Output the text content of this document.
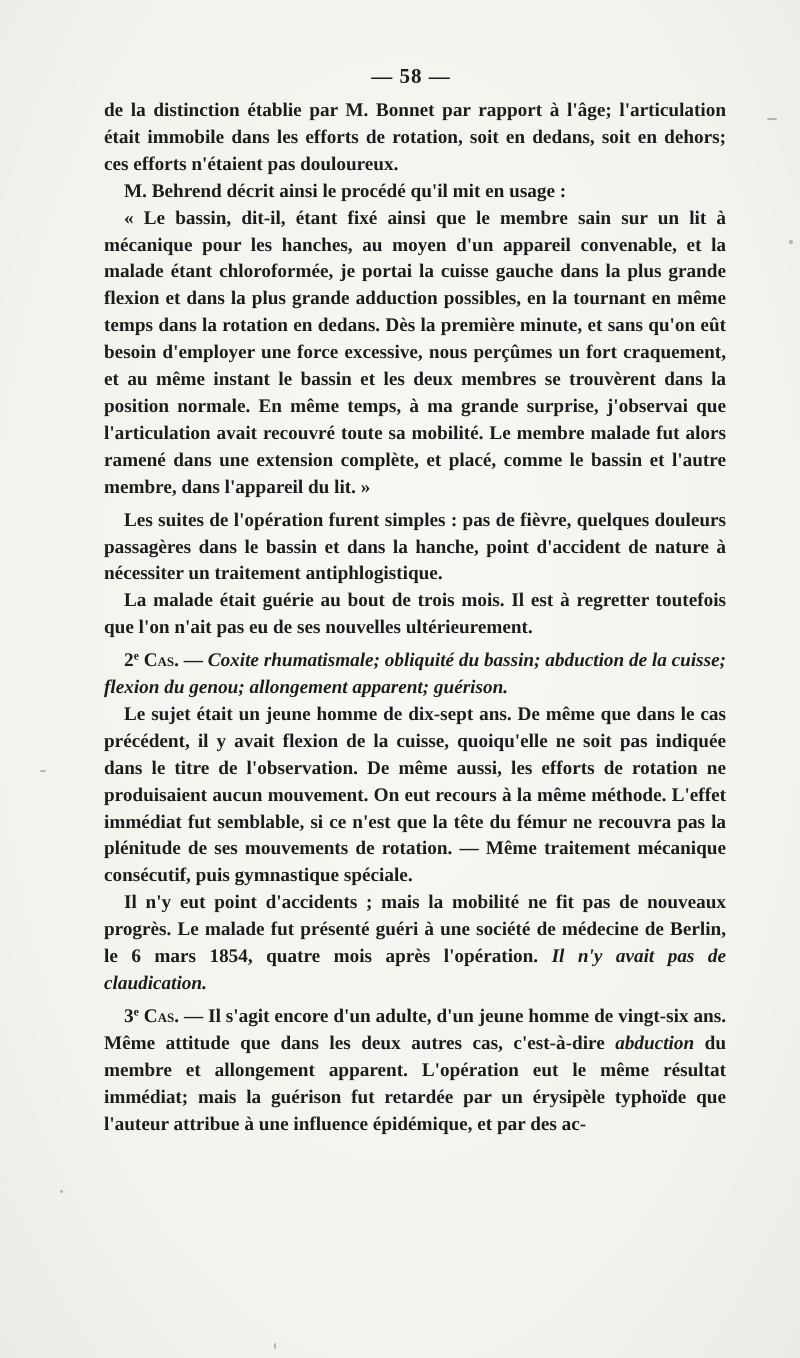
— 58 —

de la distinction établie par M. Bonnet par rapport à l'âge; l'articulation était immobile dans les efforts de rotation, soit en dedans, soit en dehors; ces efforts n'étaient pas douloureux.

M. Behrend décrit ainsi le procédé qu'il mit en usage :

« Le bassin, dit-il, étant fixé ainsi que le membre sain sur un lit à mécanique pour les hanches, au moyen d'un appareil convenable, et la malade étant chloroformée, je portai la cuisse gauche dans la plus grande flexion et dans la plus grande adduction possibles, en la tournant en même temps dans la rotation en dedans. Dès la première minute, et sans qu'on eût besoin d'employer une force excessive, nous perçûmes un fort craquement, et au même instant le bassin et les deux membres se trouvèrent dans la position normale. En même temps, à ma grande surprise, j'observai que l'articulation avait recouvré toute sa mobilité. Le membre malade fut alors ramené dans une extension complète, et placé, comme le bassin et l'autre membre, dans l'appareil du lit. »

Les suites de l'opération furent simples : pas de fièvre, quelques douleurs passagères dans le bassin et dans la hanche, point d'accident de nature à nécessiter un traitement antiphlogistique.

La malade était guérie au bout de trois mois. Il est à regretter toutefois que l'on n'ait pas eu de ses nouvelles ultérieurement.

2e Cas. — Coxite rhumatismale; obliquité du bassin; abduction de la cuisse; flexion du genou; allongement apparent; guérison.

Le sujet était un jeune homme de dix-sept ans. De même que dans le cas précédent, il y avait flexion de la cuisse, quoiqu'elle ne soit pas indiquée dans le titre de l'observation. De même aussi, les efforts de rotation ne produisaient aucun mouvement. On eut recours à la même méthode. L'effet immédiat fut semblable, si ce n'est que la tête du fémur ne recouvra pas la plénitude de ses mouvements de rotation. — Même traitement mécanique consécutif, puis gymnastique spéciale.

Il n'y eut point d'accidents ; mais la mobilité ne fit pas de nouveaux progrès. Le malade fut présenté guéri à une société de médecine de Berlin, le 6 mars 1854, quatre mois après l'opération. Il n'y avait pas de claudication.

3e Cas. — Il s'agit encore d'un adulte, d'un jeune homme de vingt-six ans. Même attitude que dans les deux autres cas, c'est-à-dire abduction du membre et allongement apparent. L'opération eut le même résultat immédiat; mais la guérison fut retardée par un érysipèle typhoïde que l'auteur attribue à une influence épidémique, et par des ac-
